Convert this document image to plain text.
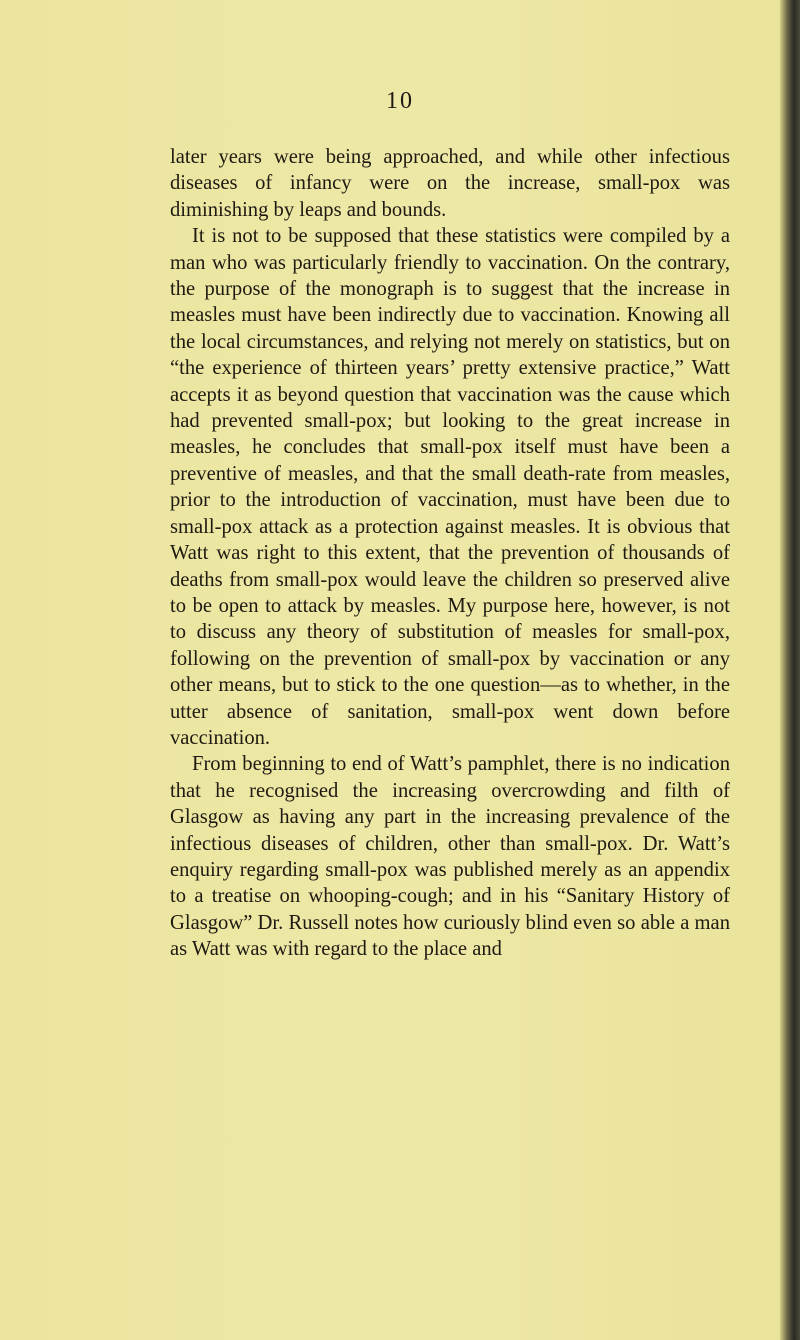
10

later years were being approached, and while other infectious diseases of infancy were on the increase, small-pox was diminishing by leaps and bounds.

It is not to be supposed that these statistics were compiled by a man who was particularly friendly to vaccination. On the contrary, the purpose of the monograph is to suggest that the increase in measles must have been indirectly due to vaccination. Knowing all the local circumstances, and relying not merely on statistics, but on “the experience of thirteen years’ pretty extensive practice,” Watt accepts it as beyond question that vaccination was the cause which had prevented small-pox; but looking to the great increase in measles, he concludes that small-pox itself must have been a preventive of measles, and that the small death-rate from measles, prior to the introduction of vaccination, must have been due to small-pox attack as a protection against measles. It is obvious that Watt was right to this extent, that the prevention of thousands of deaths from small-pox would leave the children so preserved alive to be open to attack by measles. My purpose here, however, is not to discuss any theory of substitution of measles for small-pox, following on the prevention of small-pox by vaccination or any other means, but to stick to the one question—as to whether, in the utter absence of sanitation, small-pox went down before vaccination.

From beginning to end of Watt’s pamphlet, there is no indication that he recognised the increasing overcrowding and filth of Glasgow as having any part in the increasing prevalence of the infectious diseases of children, other than small-pox. Dr. Watt’s enquiry regarding small-pox was published merely as an appendix to a treatise on whooping-cough; and in his “Sanitary History of Glasgow” Dr. Russell notes how curiously blind even so able a man as Watt was with regard to the place and
